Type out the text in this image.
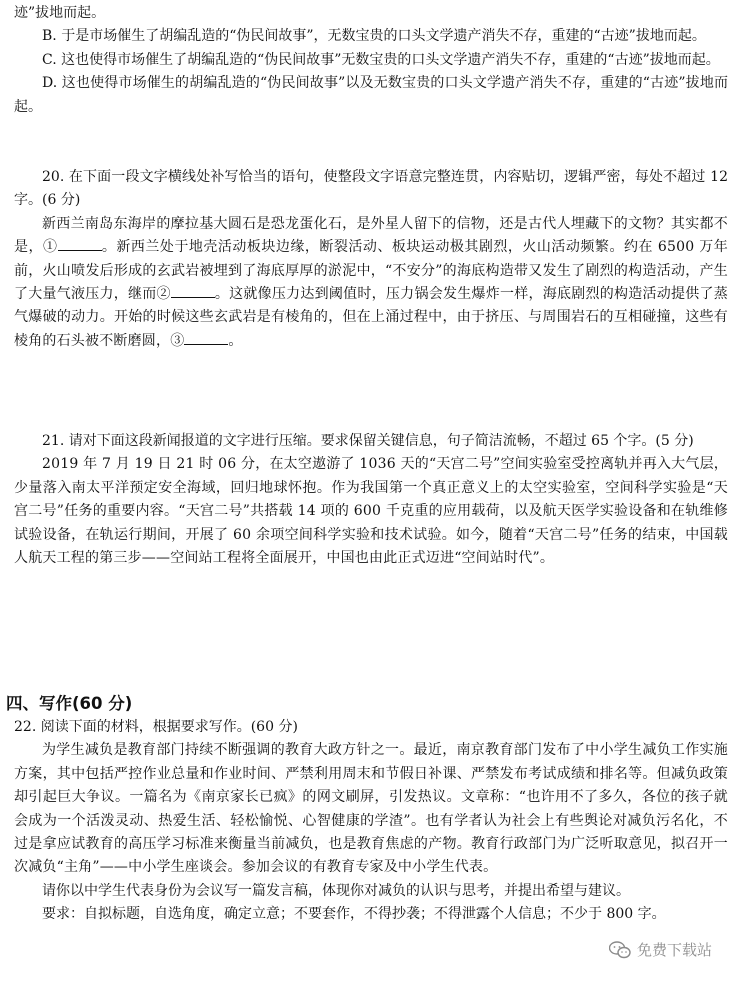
迹”拔地而起。

B. 于是市场催生了胡编乱造的“伪民间故事”，无数宝贵的口头文学遗产消失不存，重建的“古迹”拔地而起。

C. 这也使得市场催生了胡编乱造的“伪民间故事”无数宝贵的口头文学遗产消失不存，重建的“古迹”拔地而起。

D. 这也使得市场催生的胡编乱造的“伪民间故事”以及无数宝贵的口头文学遗产消失不存，重建的“古迹”拔地而起。

20. 在下面一段文字横线处补写恰当的语句，使整段文字语意完整连贯，内容贴切，逻辑严密，每处不超过 12 字。(6 分)

新西兰南岛东海岸的摩拉基大圆石是恐龙蛋化石，是外星人留下的信物，还是古代人埋藏下的文物？其实都不是，①	。新西兰处于地壳活动板块边缘，断裂活动、板块运动极其剧烈，火山活动频繁。约在 6500 万年前，火山喷发后形成的玄武岩被埋到了海底厚厚的淤泥中，“不安分”的海底构造带又发生了剧烈的构造活动，产生了大量气液压力，继而②	。这就像压力达到阈值时，压力锅会发生爆炸一样，海底剧烈的构造活动提供了蒸气爆破的动力。开始的时候这些玄武岩是有棱角的，但在上涌过程中，由于挤压、与周围岩石的互相碰撞，这些有棱角的石头被不断磨圆，③	。

21. 请对下面这段新闻报道的文字进行压缩。要求保留关键信息，句子简洁流畅，不超过 65 个字。(5 分)

2019 年 7 月 19 日 21 时 06 分，在太空遨游了 1036 天的“天宫二号”空间实验室受控离轨并再入大气层，少量落入南太平洋预定安全海域，回归地球怀抱。作为我国第一个真正意义上的太空实验室，空间科学实验是“天宫二号”任务的重要内容。“天宫二号”共搭载 14 项的 600 千克重的应用载荷，以及航天医学实验设备和在轨维修试验设备，在轨运行期间，开展了 60 余项空间科学实验和技术试验。如今，随着“天宫二号”任务的结束，中国载人航天工程的第三步——空间站工程将全面展开，中国也由此正式迈进“空间站时代”。

四、写作(60 分)

22. 阅读下面的材料，根据要求写作。(60 分)

为学生减负是教育部门持续不断强调的教育大政方针之一。最近，南京教育部门发布了中小学生减负工作实施方案，其中包括严控作业总量和作业时间、严禁利用周末和节假日补课、严禁发布考试成绩和排名等。但减负政策却引起巨大争议。一篇名为《南京家长已疯》的网文刷屏，引发热议。文章称：“也许用不了多久，各位的孩子就会成为一个活泼灵动、热爱生活、轻松愉悦、心智健康的学渣”。也有学者认为社会上有些舆论对减负污名化，不过是拿应试教育的高压学习标准来衡量当前减负，也是教育焦虑的产物。教育行政部门为广泛听取意见，拟召开一次减负“主角”——中小学生座谈会。参加会议的有教育专家及中小学生代表。

请你以中学生代表身份为会议写一篇发言稿，体现你对减负的认识与思考，并提出希望与建议。

要求：自拟标题，自选角度，确定立意；不要套作，不得抄袭；不得泄露个人信息；不少于 800 字。

免费下载站
